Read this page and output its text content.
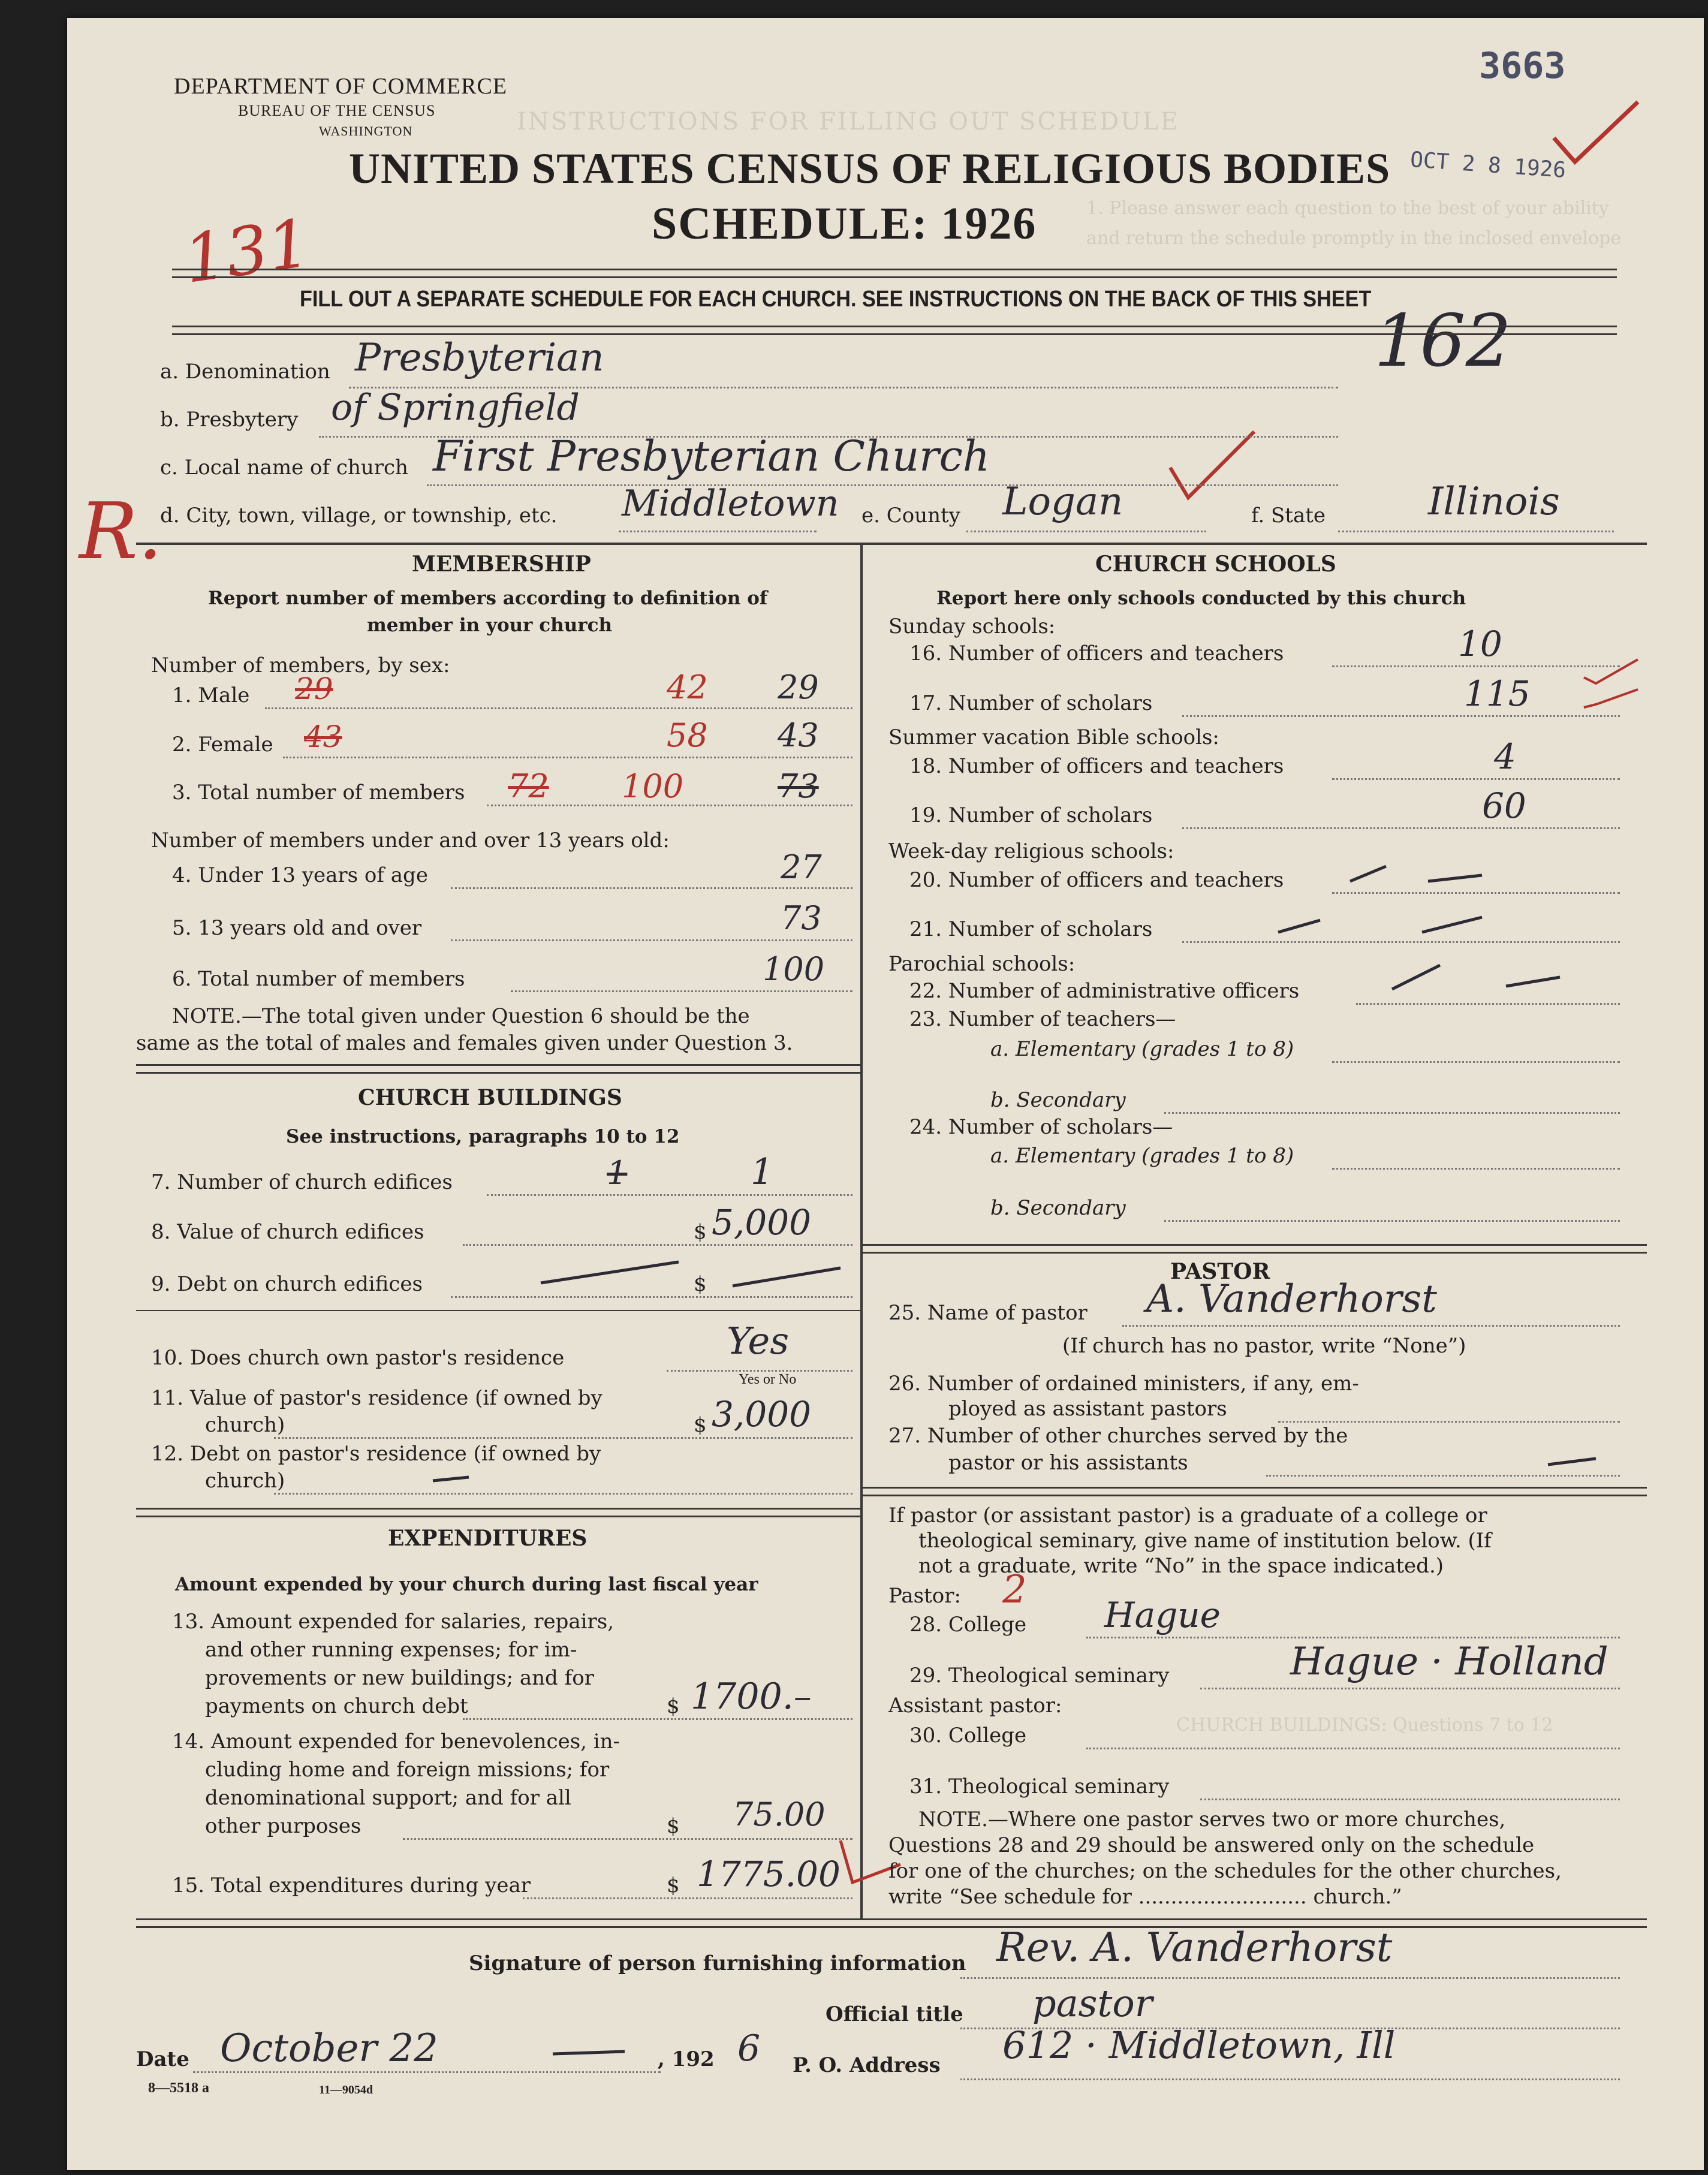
INSTRUCTIONS FOR FILLING OUT SCHEDULE
1. Please answer each question to the best of your ability
and return the schedule promptly in the inclosed envelope
CHURCH BUILDINGS: Questions 7 to 12
DEPARTMENT OF COMMERCE
BUREAU OF THE CENSUS
WASHINGTON
UNITED STATES CENSUS OF RELIGIOUS BODIES
SCHEDULE: 1926
3663
OCT 2 8 1926
131
R.
162
FILL OUT A SEPARATE SCHEDULE FOR EACH CHURCH. SEE INSTRUCTIONS ON THE BACK OF THIS SHEET
a. Denomination Presbyterian
b. Presbytery of Springfield
c. Local name of church First Presbyterian Church
d. City, town, village, or township, etc. Middletown e. County Logan	f. State	Illinois
MEMBERSHIP
Report number of members according to definition of
member in your church
Number of members, by sex:
1. Male 29	42 29
2. Female 43	58 43
3. Total number of members 72 100	73
Number of members under and over 13 years old:
4. Under 13 years of age	27
5. 13 years old and over	73
6. Total number of members	100
NOTE.—The total given under Question 6 should be the
same as the total of males and females given under Question 3.
CHURCH BUILDINGS
See instructions, paragraphs 10 to 12
7. Number of church edifices	1	1
8. Value of church edifices	$ 5,000
9. Debt on church edifices	$
10. Does church own pastor's residence	Yes
Yes or No
11. Value of pastor's residence (if owned by
church)	$ 3,000
12. Debt on pastor's residence (if owned by
church)
EXPENDITURES
Amount expended by your church during last fiscal year
13. Amount expended for salaries, repairs,
and other running expenses; for im-
provements or new buildings; and for
payments on church debt	$ 1700.–
14. Amount expended for benevolences, in-
cluding home and foreign missions; for
denominational support; and for all
other purposes	$ 75.00
15. Total expenditures during year	$ 1775.00
CHURCH SCHOOLS
Report here only schools conducted by this church
Sunday schools:
16. Number of officers and teachers	10
17. Number of scholars	115
Summer vacation Bible schools:
18. Number of officers and teachers	4
19. Number of scholars	60
Week-day religious schools:
20. Number of officers and teachers
21. Number of scholars
Parochial schools:
22. Number of administrative officers
23. Number of teachers—
a. Elementary (grades 1 to 8)
b. Secondary
24. Number of scholars—
a. Elementary (grades 1 to 8)
b. Secondary
PASTOR
25. Name of pastor A. Vanderhorst
(If church has no pastor, write “None”)
26. Number of ordained ministers, if any, em-
ployed as assistant pastors
27. Number of other churches served by the
pastor or his assistants
If pastor (or assistant pastor) is a graduate of a college or
theological seminary, give name of institution below. (If
not a graduate, write “No” in the space indicated.)
Pastor: 2
28. College Hague
29. Theological seminary	Hague · Holland
Assistant pastor:
30. College
31. Theological seminary
NOTE.—Where one pastor serves two or more churches,
Questions 28 and 29 should be answered only on the schedule
for one of the churches; on the schedules for the other churches,
write “See schedule for .......................... church.”
Signature of person furnishing information Rev. A. Vanderhorst
Official title pastor
Date October 22	, 192 6 P. O. Address 612 · Middletown, Ill
8—5518 a	11—9054d
